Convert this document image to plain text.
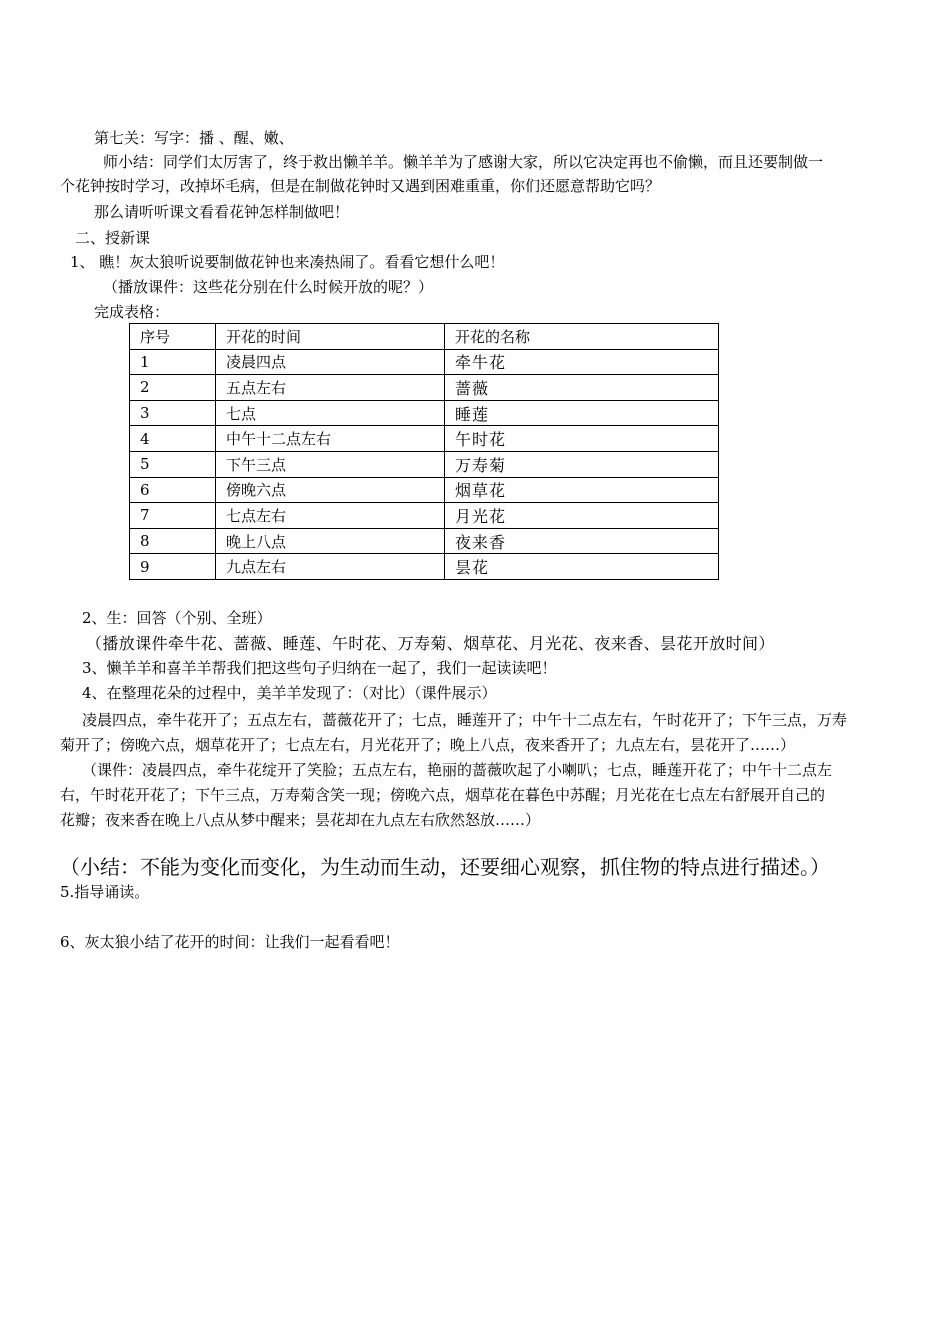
第七关：写字：播 、醒、嫩、
师小结：同学们太厉害了，终于救出懒羊羊。懒羊羊为了感谢大家，所以它决定再也不偷懒，而且还要制做一
个花钟按时学习，改掉坏毛病，但是在制做花钟时又遇到困难重重，你们还愿意帮助它吗？
那么请听听课文看看花钟怎样制做吧！
二、授新课
1、 瞧！灰太狼听说要制做花钟也来凑热闹了。看看它想什么吧！
（播放课件：这些花分别在什么时候开放的呢？）
完成表格：
序号	开花的时间	开花的名称
1	凌晨四点	牵牛花
2	五点左右	蔷薇
3	七点	睡莲
4	中午十二点左右	午时花
5	下午三点	万寿菊
6	傍晚六点	烟草花
7	七点左右	月光花
8	晚上八点	夜来香
9	九点左右	昙花
2、生：回答（个别、全班）
（播放课件牵牛花、蔷薇、睡莲、午时花、万寿菊、烟草花、月光花、夜来香、昙花开放时间）
3、懒羊羊和喜羊羊帮我们把这些句子归纳在一起了，我们一起读读吧！
4、在整理花朵的过程中，美羊羊发现了：（对比）（课件展示）
凌晨四点，牵牛花开了；五点左右，蔷薇花开了；七点，睡莲开了；中午十二点左右，午时花开了；下午三点，万寿
菊开了；傍晚六点，烟草花开了；七点左右，月光花开了；晚上八点，夜来香开了；九点左右，昙花开了……）
（课件：凌晨四点，牵牛花绽开了笑脸；五点左右，艳丽的蔷薇吹起了小喇叭；七点，睡莲开花了；中午十二点左
右，午时花开花了；下午三点，万寿菊含笑一现；傍晚六点，烟草花在暮色中苏醒；月光花在七点左右舒展开自己的
花瓣；夜来香在晚上八点从梦中醒来；昙花却在九点左右欣然怒放……）
（小结：不能为变化而变化，为生动而生动，还要细心观察，抓住物的特点进行描述。）
5.指导诵读。
6、灰太狼小结了花开的时间：让我们一起看看吧！
